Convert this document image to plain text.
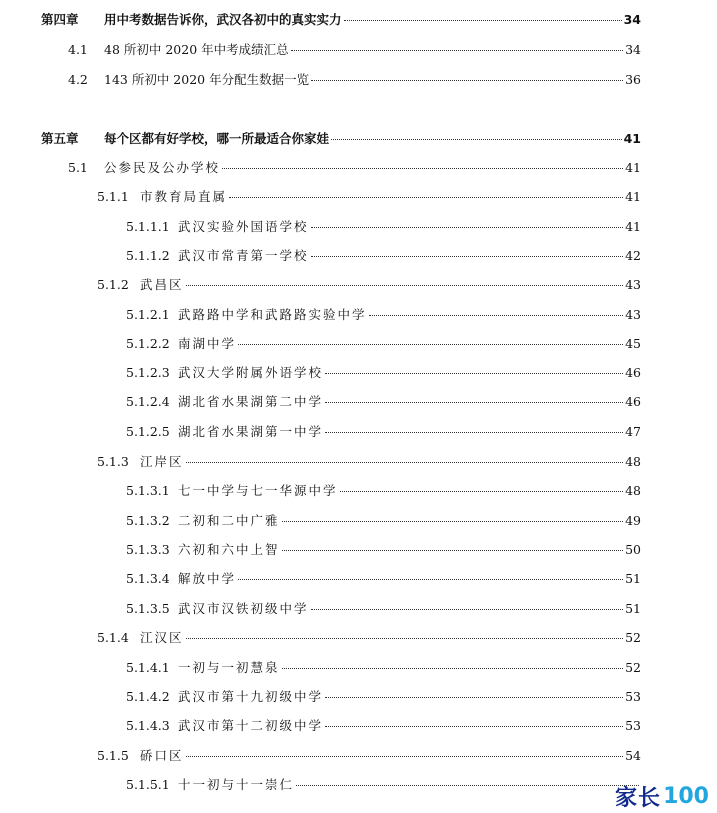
第四章	用中考数据告诉你，武汉各初中的真实实力	34
4.1	48 所初中 2020 年中考成绩汇总	34
4.2	143 所初中 2020 年分配生数据一览	36
第五章	每个区都有好学校，哪一所最适合你家娃	41
5.1	公参民及公办学校	41
5.1.1 市教育局直属	41
5.1.1.1 武汉实验外国语学校	41
5.1.1.2 武汉市常青第一学校	42
5.1.2 武昌区	43
5.1.2.1 武路路中学和武路路实验中学	43
5.1.2.2 南湖中学	45
5.1.2.3 武汉大学附属外语学校	46
5.1.2.4 湖北省水果湖第二中学	46
5.1.2.5 湖北省水果湖第一中学	47
5.1.3 江岸区	48
5.1.3.1 七一中学与七一华源中学	48
5.1.3.2 二初和二中广雅	49
5.1.3.3 六初和六中上智	50
5.1.3.4 解放中学	51
5.1.3.5 武汉市汉铁初级中学	51
5.1.4 江汉区	52
5.1.4.1 一初与一初慧泉	52
5.1.4.2 武汉市第十九初级中学	53
5.1.4.3 武汉市第十二初级中学	53
5.1.5 硚口区	54
5.1.5.1 十一初与十一崇仁
家长 100
